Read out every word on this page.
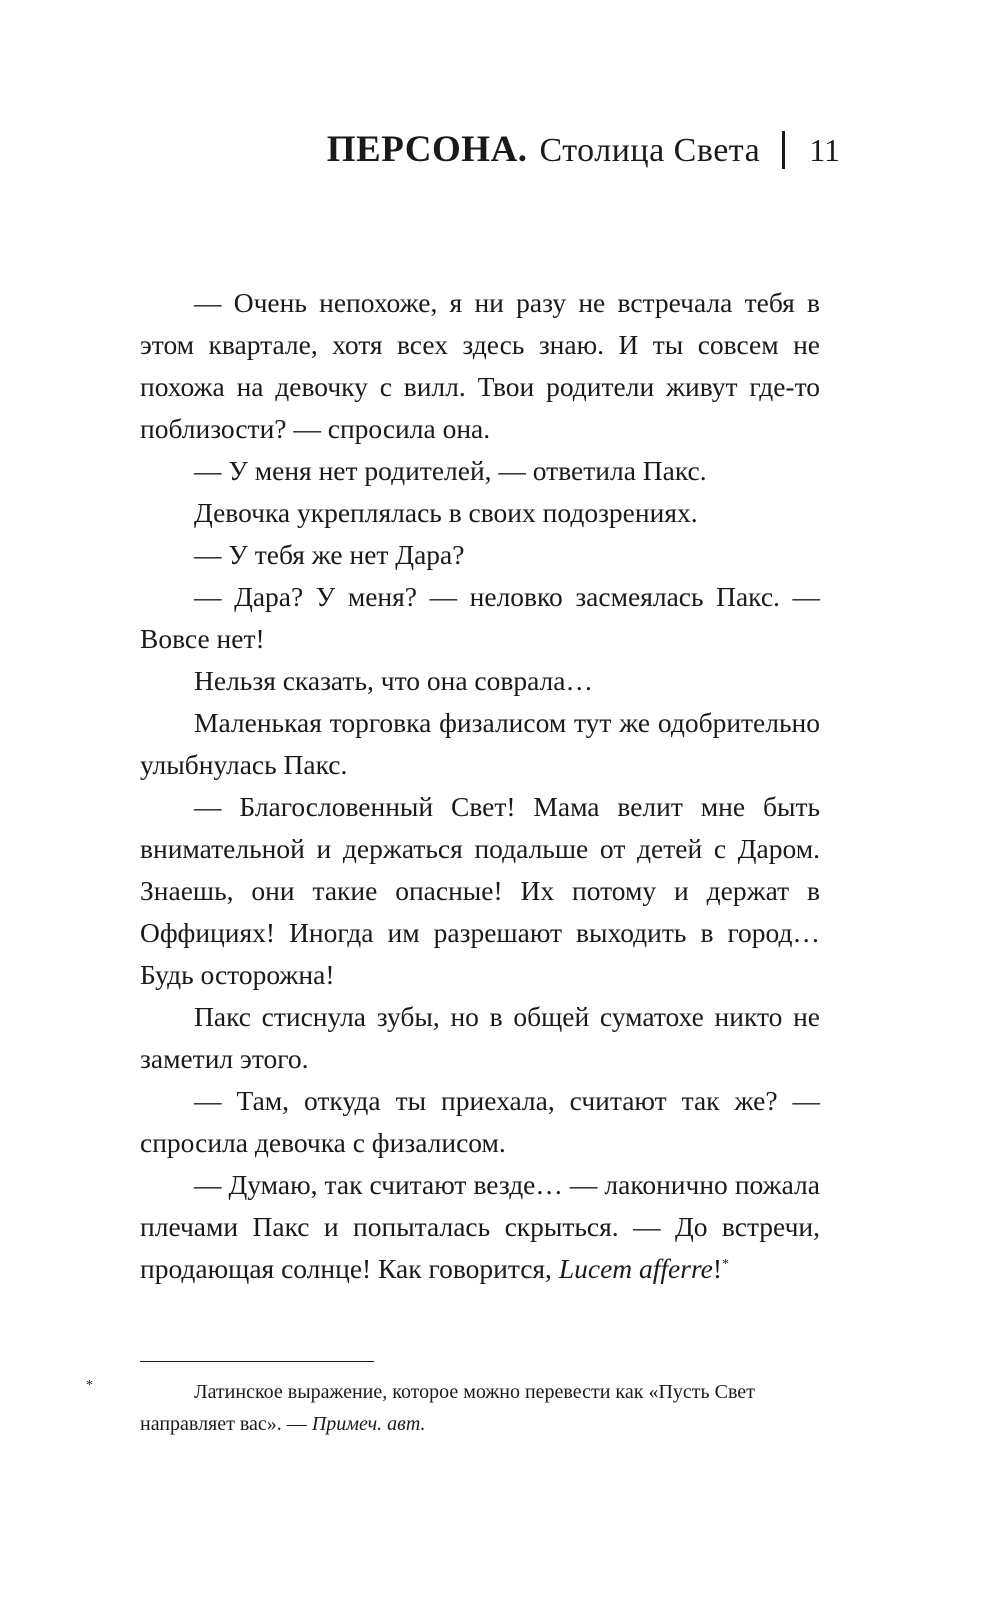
ПЕРСОНА. Столица Света 11

— Очень непохоже, я ни разу не встречала тебя в этом квартале, хотя всех здесь знаю. И ты совсем не похожа на девочку с вилл. Твои родители живут где-то поблизости? — спросила она.

— У меня нет родителей, — ответила Пакс.

Девочка укреплялась в своих подозрениях.

— У тебя же нет Дара?

— Дара? У меня? — неловко засмеялась Пакс. — Вовсе нет!

Нельзя сказать, что она соврала…

Маленькая торговка физалисом тут же одобрительно улыбнулась Пакс.

— Благословенный Свет! Мама велит мне быть внимательной и держаться подальше от детей с Даром. Знаешь, они такие опасные! Их потому и держат в Оффициях! Иногда им разрешают выходить в город… Будь осторожна!

Пакс стиснула зубы, но в общей суматохе никто не заметил этого.

— Там, откуда ты приехала, считают так же? — спросила девочка с физалисом.

— Думаю, так считают везде… — лаконично пожала плечами Пакс и попыталась скрыться. — До встречи, продающая солнце! Как говорится, Lucem afferre!*

*	Латинское выражение, которое можно перевести как «Пусть Свет направляет вас». — Примеч. авт.
